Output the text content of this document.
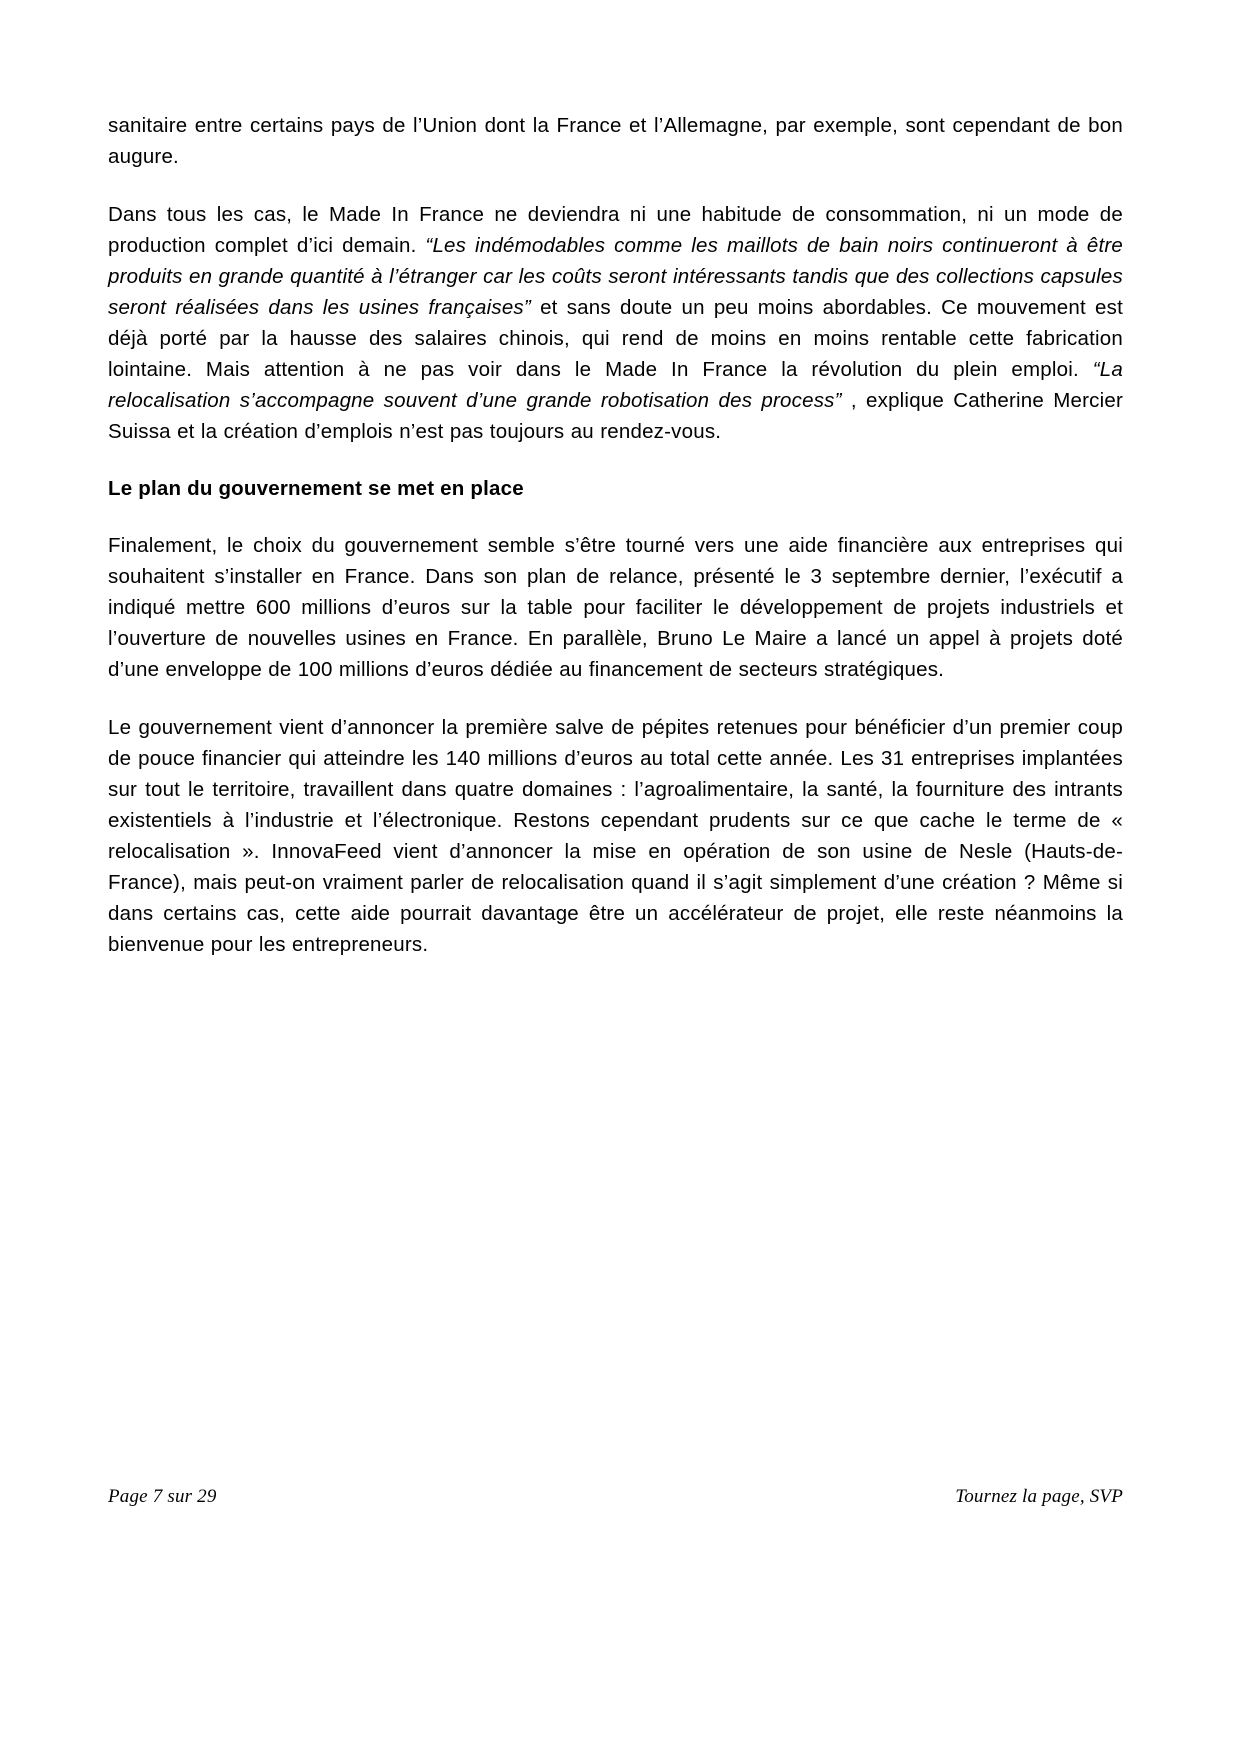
sanitaire entre certains pays de l’Union dont la France et l’Allemagne, par exemple, sont cependant de bon augure.

Dans tous les cas, le Made In France ne deviendra ni une habitude de consommation, ni un mode de production complet d’ici demain. “Les indémodables comme les maillots de bain noirs continueront à être produits en grande quantité à l’étranger car les coûts seront intéressants tandis que des collections capsules seront réalisées dans les usines françaises” et sans doute un peu moins abordables. Ce mouvement est déjà porté par la hausse des salaires chinois, qui rend de moins en moins rentable cette fabrication lointaine. Mais attention à ne pas voir dans le Made In France la révolution du plein emploi. “La relocalisation s’accompagne souvent d’une grande robotisation des process” , explique Catherine Mercier Suissa et la création d’emplois n’est pas toujours au rendez-vous.

Le plan du gouvernement se met en place

Finalement, le choix du gouvernement semble s’être tourné vers une aide financière aux entreprises qui souhaitent s’installer en France. Dans son plan de relance, présenté le 3 septembre dernier, l’exécutif a indiqué mettre 600 millions d’euros sur la table pour faciliter le développement de projets industriels et l’ouverture de nouvelles usines en France. En parallèle, Bruno Le Maire a lancé un appel à projets doté d’une enveloppe de 100 millions d’euros dédiée au financement de secteurs stratégiques.

Le gouvernement vient d’annoncer la première salve de pépites retenues pour bénéficier d’un premier coup de pouce financier qui atteindre les 140 millions d’euros au total cette année. Les 31 entreprises implantées sur tout le territoire, travaillent dans quatre domaines : l’agroalimentaire, la santé, la fourniture des intrants existentiels à l’industrie et l’électronique. Restons cependant prudents sur ce que cache le terme de « relocalisation ». InnovaFeed vient d’annoncer la mise en opération de son usine de Nesle (Hauts-de-France), mais peut-on vraiment parler de relocalisation quand il s’agit simplement d’une création ? Même si dans certains cas, cette aide pourrait davantage être un accélérateur de projet, elle reste néanmoins la bienvenue pour les entrepreneurs.

Page 7 sur 29	Tournez la page, SVP
